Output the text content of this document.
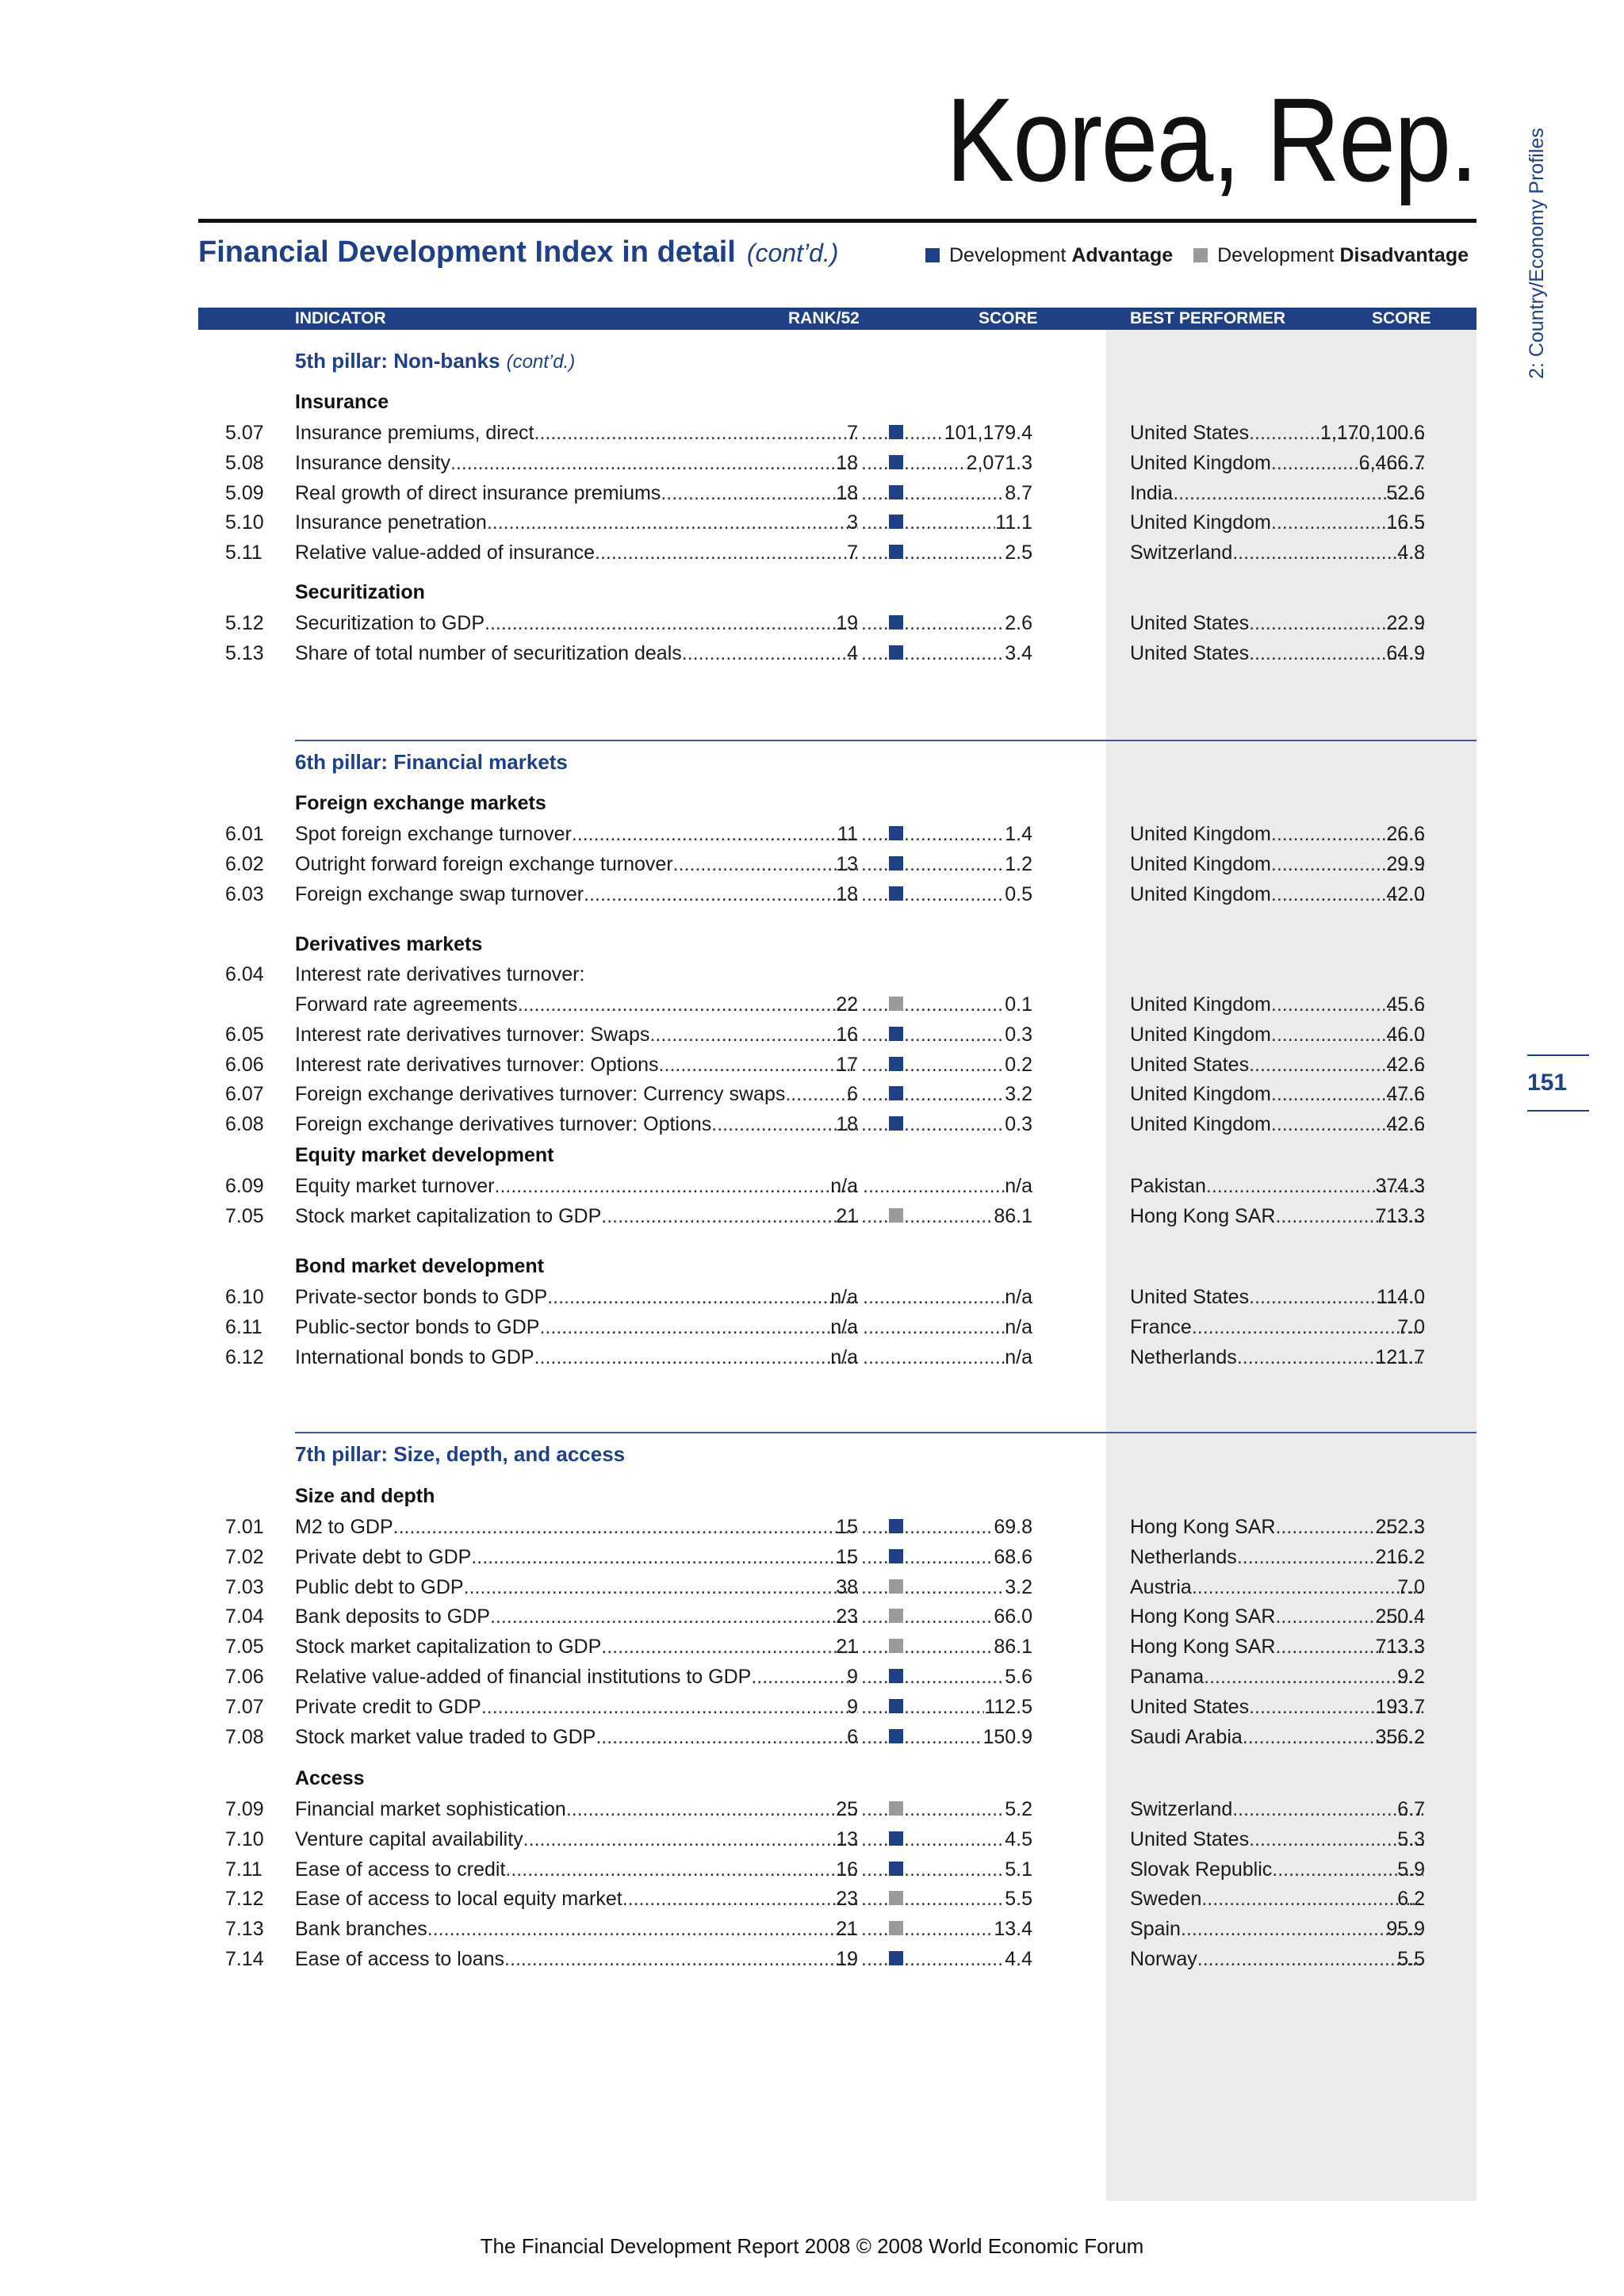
Korea, Rep. 2: Country/Economy Profiles
151
Financial Development Index in detail (cont’d.)	Development Advantage Development Disadvantage
INDICATOR	RANK/52	SCORE	BEST PERFORMER	SCORE
5th pillar: Non-banks (cont’d.)
Insurance
5.07 Insurance premiums, direct .....	7 ..... .....	101,179.4	United States .....	1,170,100.6
5.08 Insurance density .....	18 ..... .....	2,071.3	United Kingdom .....	6,466.7
5.09 Real growth of direct insurance premiums .....	18 ..... .....	8.7	India .....	52.6
5.10 Insurance penetration .....	3 ..... .....	11.1	United Kingdom .....	16.5
5.11 Relative value-added of insurance .....	7 ..... .....	2.5	Switzerland .....	4.8
Securitization
5.12 Securitization to GDP .....	19 ..... .....	2.6	United States .....	22.9
5.13 Share of total number of securitization deals .....	4 ..... .....	3.4	United States .....	64.9
6th pillar: Financial markets
Foreign exchange markets
6.01 Spot foreign exchange turnover .....	11 ..... .....	1.4	United Kingdom .....	26.6
6.02 Outright forward foreign exchange turnover .....	13 ..... .....	1.2	United Kingdom .....	29.9
6.03 Foreign exchange swap turnover .....	18 ..... .....	0.5	United Kingdom .....	42.0
Derivatives markets
6.04 Interest rate derivatives turnover:
Forward rate agreements .....	22 ..... .....	0.1	United Kingdom .....	45.6
6.05 Interest rate derivatives turnover: Swaps .....	16 ..... .....	0.3	United Kingdom .....	46.0
6.06 Interest rate derivatives turnover: Options .....	17 ..... .....	0.2	United States .....	42.6
6.07 Foreign exchange derivatives turnover: Currency swaps .....	6 ..... .....	3.2	United Kingdom .....	47.6
6.08 Foreign exchange derivatives turnover: Options .....	18 ..... .....	0.3	United Kingdom .....	42.6
Equity market development
6.09 Equity market turnover .....	n/a .....	n/a	Pakistan .....	374.3
7.05 Stock market capitalization to GDP .....	21 ..... .....	86.1	Hong Kong SAR .....	713.3
Bond market development
6.10 Private-sector bonds to GDP .....	n/a .....	n/a	United States .....	114.0
6.11 Public-sector bonds to GDP .....	n/a .....	n/a	France .....	7.0
6.12 International bonds to GDP .....	n/a .....	n/a	Netherlands .....	121.7
7th pillar: Size, depth, and access
Size and depth
7.01 M2 to GDP .....	15 ..... .....	69.8	Hong Kong SAR .....	252.3
7.02 Private debt to GDP .....	15 ..... .....	68.6	Netherlands .....	216.2
7.03 Public debt to GDP .....	38 ..... .....	3.2	Austria .....	7.0
7.04 Bank deposits to GDP .....	23 ..... .....	66.0	Hong Kong SAR .....	250.4
7.05 Stock market capitalization to GDP .....	21 ..... .....	86.1	Hong Kong SAR .....	713.3
7.06 Relative value-added of financial institutions to GDP .....	9 ..... .....	5.6	Panama .....	9.2
7.07 Private credit to GDP .....	9 ..... .....	112.5	United States .....	193.7
7.08 Stock market value traded to GDP .....	6 ..... .....	150.9	Saudi Arabia .....	356.2
Access
7.09 Financial market sophistication .....	25 ..... .....	5.2	Switzerland .....	6.7
7.10 Venture capital availability .....	13 ..... .....	4.5	United States .....	5.3
7.11 Ease of access to credit .....	16 ..... .....	5.1	Slovak Republic .....	5.9
7.12 Ease of access to local equity market .....	23 ..... .....	5.5	Sweden .....	6.2
7.13 Bank branches .....	21 ..... .....	13.4	Spain .....	95.9
7.14 Ease of access to loans .....	19 ..... .....	4.4	Norway .....	5.5
The Financial Development Report 2008 © 2008 World Economic Forum
